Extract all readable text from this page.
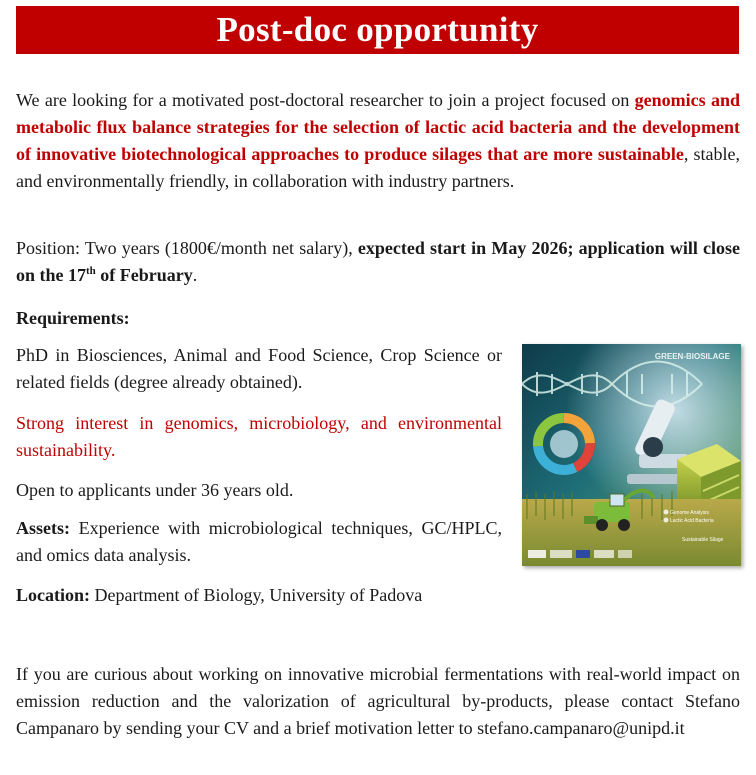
Post-doc opportunity

We are looking for a motivated post-doctoral researcher to join a project focused on genomics and metabolic flux balance strategies for the selection of lactic acid bacteria and the development of innovative biotechnological approaches to produce silages that are more sustainable, stable, and environmentally friendly, in collaboration with industry partners.

Position: Two years (1800€/month net salary), expected start in May 2026; application will close on the 17th of February.

Requirements:

PhD in Biosciences, Animal and Food Science, Crop Science or related fields (degree already obtained).

Strong interest in genomics, microbiology, and environmental sustainability.

Open to applicants under 36 years old.

Assets: Experience with microbiological techniques, GC/HPLC, and omics data analysis.

Location: Department of Biology, University of Padova

If you are curious about working on innovative microbial fermentations with real-world impact on emission reduction and the valorization of agricultural by-products, please contact Stefano Campanaro by sending your CV and a brief motivation letter to stefano.campanaro@unipd.it

GREEN-BIOSILAGE
Genome Analysis
Lactic Acid Bacteria
Sustainable Silage
